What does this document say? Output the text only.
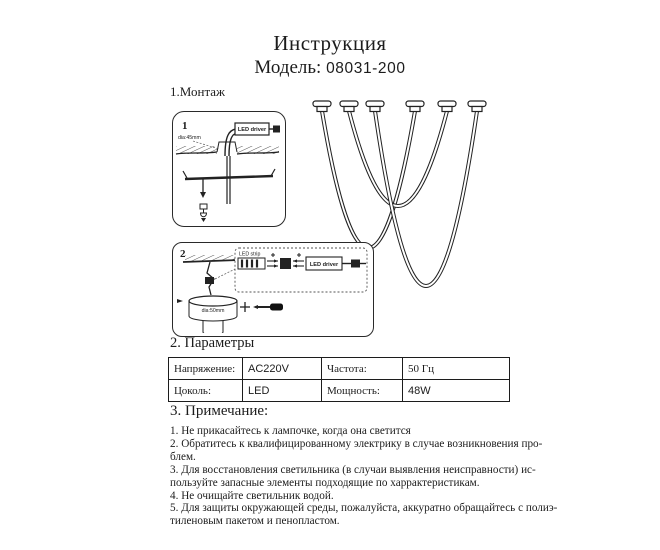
Инструкция
Модель: 08031-200
1.Монтаж
1
dia:45mm
LED driver
2
dia:50mm
LED strip
LED driver
2. Параметры
Напряжение:	AC220V	Частота:	50 Гц
Цоколь:	LED	Мощность:	48W
3. Примечание:
1. Не прикасайтесь к лампочке, когда она светится
2. Обратитесь к квалифицированному электрику в случае возникновения про-
блем.
3. Для восстановления светильника (в случаи выявления неисправности) ис-
пользуйте запасные элементы подходящие по харрактеристикам.
4. Не очищайте светильник водой.
5. Для защиты окружающей среды, пожалуйста, аккуратно обращайтесь с полиэ-
тиленовым пакетом и пенопластом.
